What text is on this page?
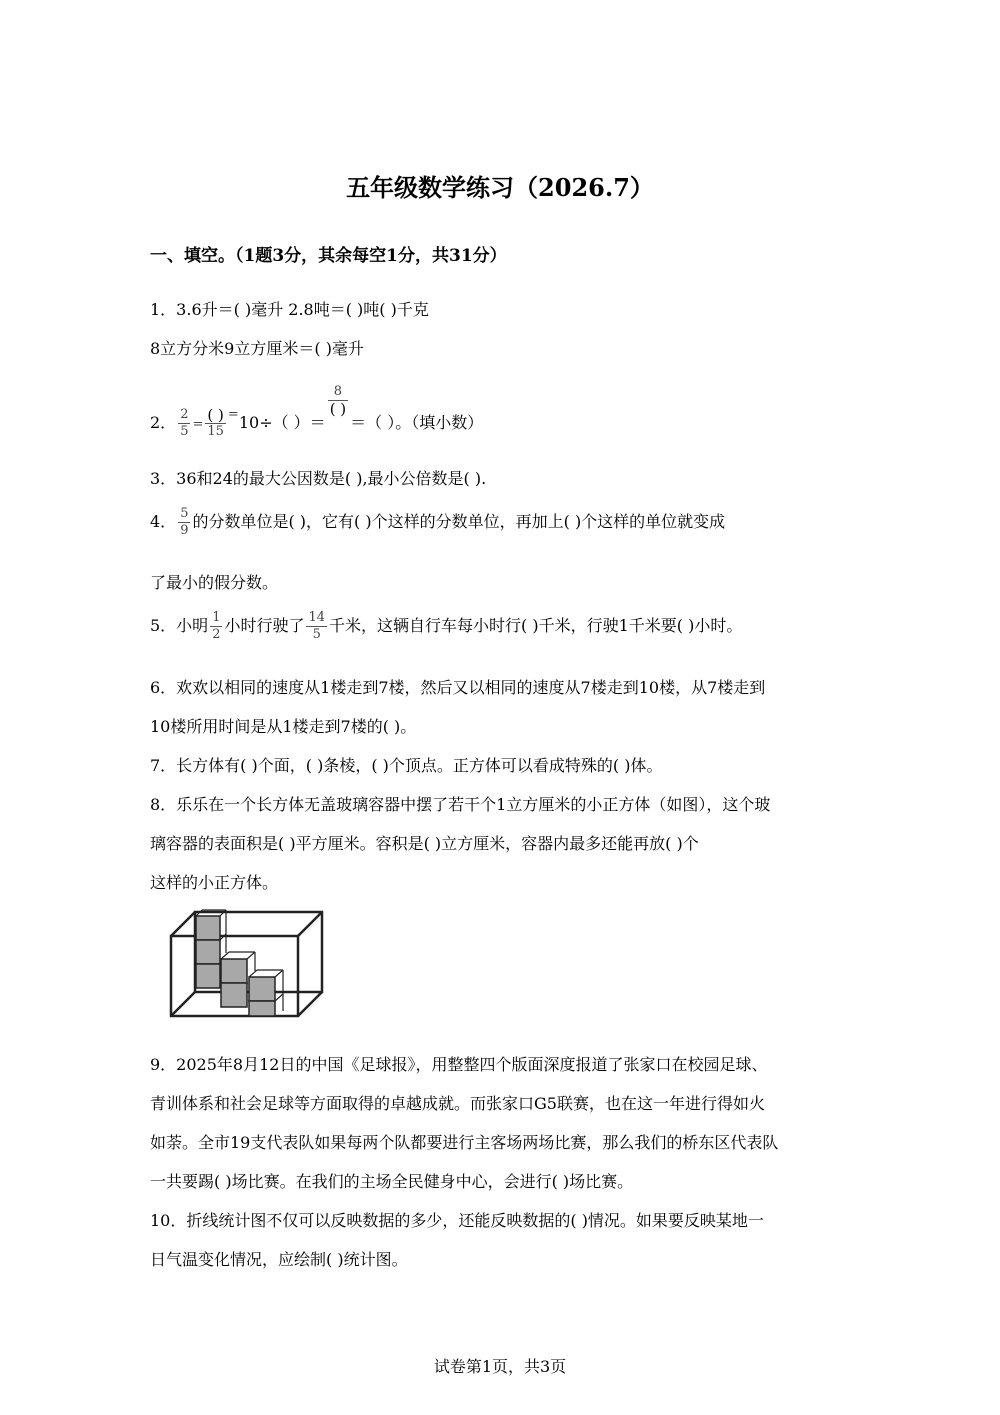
五年级数学练习（2026.7）
一、填空。（1题3分，其余每空1分，共31分）
1．3.6升＝( )毫升 2.8吨＝( )吨( )千克
8立方分米9立方厘米＝( )毫升
2． $\frac{2}{5} = \frac{( )}{15} ^=10\div$（ ）＝
$\frac{8}{( )}$
＝（ ）。（填小数）
3．36和24的最大公因数是( ),最小公倍数是( ).
4． $\frac{5}{9}$ 的分数单位是( )，它有( )个这样的分数单位，再加上( )个这样的单位就变成
了最小的假分数。
5．小明 $\frac{1}{2}$ 小时行驶了 $\frac{14}{5}$ 千米，这辆自行车每小时行( )千米，行驶1千米要( )小时。
6．欢欢以相同的速度从1楼走到7楼，然后又以相同的速度从7楼走到10楼，从7楼走到
10楼所用时间是从1楼走到7楼的( )。
7．长方体有( )个面，( )条棱，( )个顶点。正方体可以看成特殊的( )体。
8．乐乐在一个长方体无盖玻璃容器中摆了若干个1立方厘米的小正方体（如图），这个玻
璃容器的表面积是( )平方厘米。容积是( )立方厘米，容器内最多还能再放( )个
这样的小正方体。
9．2025年8月12日的中国《足球报》，用整整四个版面深度报道了张家口在校园足球、
青训体系和社会足球等方面取得的卓越成就。而张家口G5联赛，也在这一年进行得如火
如荼。全市19支代表队如果每两个队都要进行主客场两场比赛，那么我们的桥东区代表队
一共要踢( )场比赛。在我们的主场全民健身中心，会进行( )场比赛。
10．折线统计图不仅可以反映数据的多少，还能反映数据的( )情况。如果要反映某地一
日气温变化情况，应绘制( )统计图。
试卷第1页，共3页
